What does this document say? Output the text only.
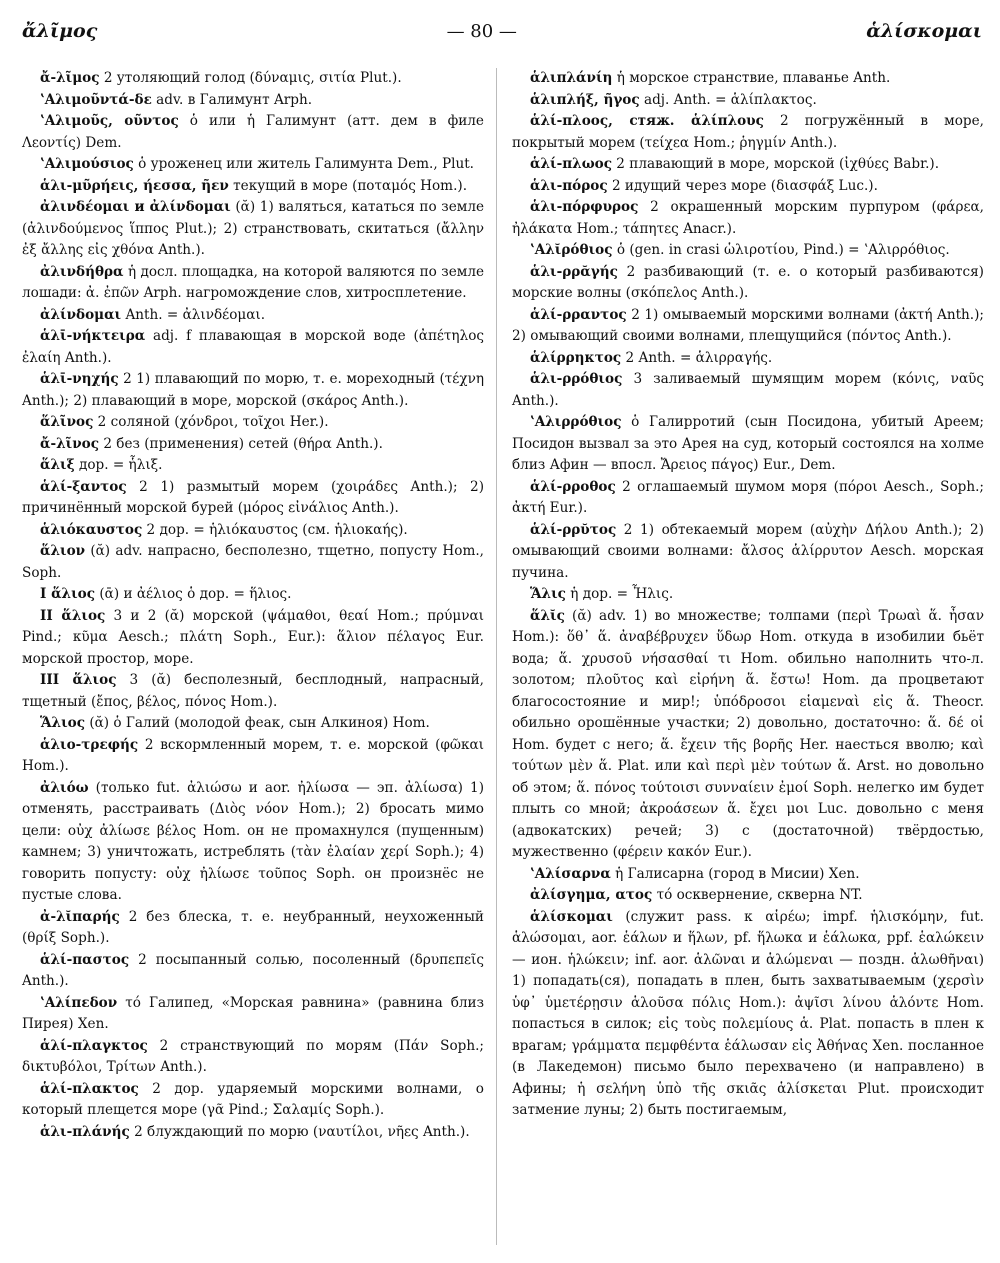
ἄλῖμος	— 80 —	ἁλίσκομαι

ἄ-λῖμος 2 утоляющий голод (δύναμις, σιτία Plut.).

ʽΑλιμοῦντά-δε adv. в Галимунт Arph.

ʽΑλιμοῦς, οῦντος ὁ или ἡ Галимунт (атт. дем в филе Λεοντίς) Dem.

ʽΑλιμούσιος ὁ уроженец или житель Галимунта Dem., Plut.

ἁλι-μῦρήεις, ήεσσα, ῆεν текущий в море (ποταμός Hom.).

ἀλινδέομαι и ἀλίνδομαι (ᾰ) 1) валяться, кататься по земле (ἀλινδούμενος ἵππος Plut.); 2) странствовать, скитаться (ἄλλην ἐξ ἄλλης εἰς χθόνα Anth.).

ἀλινδήθρα ἡ досл. площадка, на которой валяются по земле лошади: ἀ. ἐπῶν Arph. нагромождение слов, хитросплетение.

ἀλίνδομαι Anth. = ἀλινδέομαι.

ἁλῑ-νήκτειρα adj. f плавающая в морской воде (ἀπέτηλος ἐλαίη Anth.).

ἁλῑ-νηχής 2 1) плавающий по морю, т. е. мореходный (τέχνη Anth.); 2) плавающий в море, морской (σκάρος Anth.).

ἅλῖνος 2 соляной (χόνδροι, τοῖχοι Her.).

ἄ-λῖνος 2 без (применения) сетей (θήρα Anth.).

ἅλιξ дор. = ἧλιξ.

ἁλί-ξαντος 2 1) размытый морем (χοιράδες Anth.); 2) причинённый морской бурей (μόρος εἰνάλιος Anth.).

ἁλιόκαυστος 2 дор. = ἡλιόκαυστος (см. ἡλιοκαής).

ἅλιον (ᾰ) adv. напрасно, бесполезно, тщетно, попусту Hom., Soph.

I ἅλιος (ᾱ) и ἀέλιος ὁ дор. = ἥλιος.

II ἅλιος 3 и 2 (ᾰ) морской (ψάμαθοι, θεαί Hom.; πρύμναι Pind.; κῦμα Aesch.; πλάτη Soph., Eur.): ἅλιον πέλαγος Eur. морской простор, море.

III ἅλιος 3 (ᾰ) бесполезный, бесплодный, напрасный, тщетный (ἔπος, βέλος, πόνος Hom.).

Ἅλιος (ᾰ) ὁ Галий (молодой феак, сын Алкиноя) Hom.

ἁλιο-τρεφής 2 вскормленный морем, т. е. морской (φῶκαι Hom.).

ἀλιόω (только fut. ἀλιώσω и aor. ἠλίωσα — эп. ἀλίωσα) 1) отменять, расстраивать (Διὸς νόον Hom.); 2) бросать мимо цели: οὐχ ἀλίωσε βέλος Hom. он не промахнулся (пущенным) камнем; 3) уничтожать, истреблять (τὰν ἐλαίαν χερί Soph.); 4) говорить попусту: οὐχ ἠλίωσε τοῦπος Soph. он произнёс не пустые слова.

ἀ-λῐπαρής 2 без блеска, т. е. неубранный, неухоженный (θρίξ Soph.).

ἁλί-παστος 2 посыпанный солью, посоленный (δρυπεπεῖς Anth.).

ʽΑλίπεδον τό Галипед, «Морская равнина» (равнина близ Пирея) Xen.

ἁλί-πλαγκτος 2 странствующий по морям (Πάν Soph.; δικτυβόλοι, Τρίτων Anth.).

ἁλί-πλακτος 2 дор. ударяемый морскими волнами, о который плещется море (γᾶ Pind.; Σαλαμίς Soph.).

ἁλι-πλάνής 2 блуждающий по морю (ναυτίλοι, νῆες Anth.).

ἁλιπλάνίη ἡ морское странствие, плаванье Anth.

ἁλιπλήξ, ῆγος adj. Anth. = ἁλίπλακτος.

ἁλί-πλοος, стяж. ἁλίπλους 2 погружённый в море, покрытый морем (τείχεα Hom.; ῥηγμίν Anth.).

ἁλί-πλωος 2 плавающий в море, морской (ἰχθύες Babr.).

ἁλι-πόρος 2 идущий через море (διασφάξ Luc.).

ἁλι-πόρφυρος 2 окрашенный морским пурпуром (φάρεα, ἠλάκατα Hom.; τάπητες Anacr.).

ʽΑλῐρόθιος ὁ (gen. in crasi ὡλιροτίου, Pind.) = ʽΑλιρρόθιος.

ἁλι-ρρᾰγής 2 разбивающий (т. е. о который разбиваются) морские волны (σκόπελος Anth.).

ἁλί-ρραντος 2 1) омываемый морскими волнами (ἀκτή Anth.); 2) омывающий своими волнами, плещущийся (πόντος Anth.).

ἁλίρρηκτος 2 Anth. = ἁλιρραγής.

ἁλι-ρρόθιος 3 заливаемый шумящим морем (κόνις, ναῦς Anth.).

ʽΑλιρρόθιος ὁ Галирротий (сын Посидона, убитый Ареем; Посидон вызвал за это Арея на суд, который состоялся на холме близ Афин — впосл. Ἄρειος πάγος) Eur., Dem.

ἁλί-ρροθος 2 оглашаемый шумом моря (πόροι Aesch., Soph.; ἀκτή Eur.).

ἁλί-ρρῠτος 2 1) обтекаемый морем (αὐχὴν Δήλου Anth.); 2) омывающий своими волнами: ἄλσος ἁλίρρυτον Aesch. морская пучина.

Ἅλις ἡ дор. = Ἦλις.

ἅλῐς (ᾰ) adv. 1) во множестве; толпами (περὶ Τρωαὶ ἅ. ἦσαν Hom.): ὅθ᾽ ἅ. ἀναβέβρυχεν ὕδωρ Hom. откуда в изобилии бьёт вода; ἅ. χρυσοῦ νήσασθαί τι Hom. обильно наполнить что-л. золотом; πλοῦτος καὶ εἰρήνη ἅ. ἔστω! Hom. да процветают благосостояние и мир!; ὑπόδροσοι εἱαμεναὶ εἰς ἅ. Theocr. обильно орошённые участки; 2) довольно, достаточно: ἅ. δέ οἱ Hom. будет с него; ἅ. ἔχειν τῆς βορῆς Her. наесться вволю; καὶ τούτων μὲν ἅ. Plat. или καὶ περὶ μὲν τούτων ἅ. Arst. но довольно об этом; ἅ. πόνος τούτοισι συνναίειν ἐμοί Soph. нелегко им будет плыть со мной; ἀκροάσεων ἅ. ἔχει μοι Luc. довольно с меня (адвокатских) речей; 3) с (достаточной) твёрдостью, мужественно (φέρειν κακόν Eur.).

ʽΑλίσαρνα ἡ Галисарна (город в Мисии) Xen.

ἀλίσγημα, ατος τό осквернение, скверна NT.

ἁλίσκομαι (служит pass. к αἱρέω; impf. ἡλισκόμην, fut. ἁλώσομαι, aor. ἑάλων и ἥλων, pf. ἥλωκα и ἑάλωκα, ppf. ἑαλώκειν — ион. ἡλώκειν; inf. aor. ἁλῶναι и ἁλώμεναι — поздн. ἁλωθῆναι) 1) попадать(ся), попадать в плен, быть захватываемым (χερσὶν ὑφ᾽ ὑμετέρῃσιν ἁλοῦσα πόλις Hom.): ἀψῖσι λίνου ἁλόντε Hom. попасться в силок; εἰς τοὺς πολεμίους ἁ. Plat. попасть в плен к врагам; γράμματα πεμφθέντα ἑάλωσαν εἰς Ἀθήνας Xen. посланное (в Лакедемон) письмо было перехвачено (и направлено) в Афины; ἡ σελήνη ὑπὸ τῆς σκιᾶς ἁλίσκεται Plut. происходит затмение луны; 2) быть постигаемым,
